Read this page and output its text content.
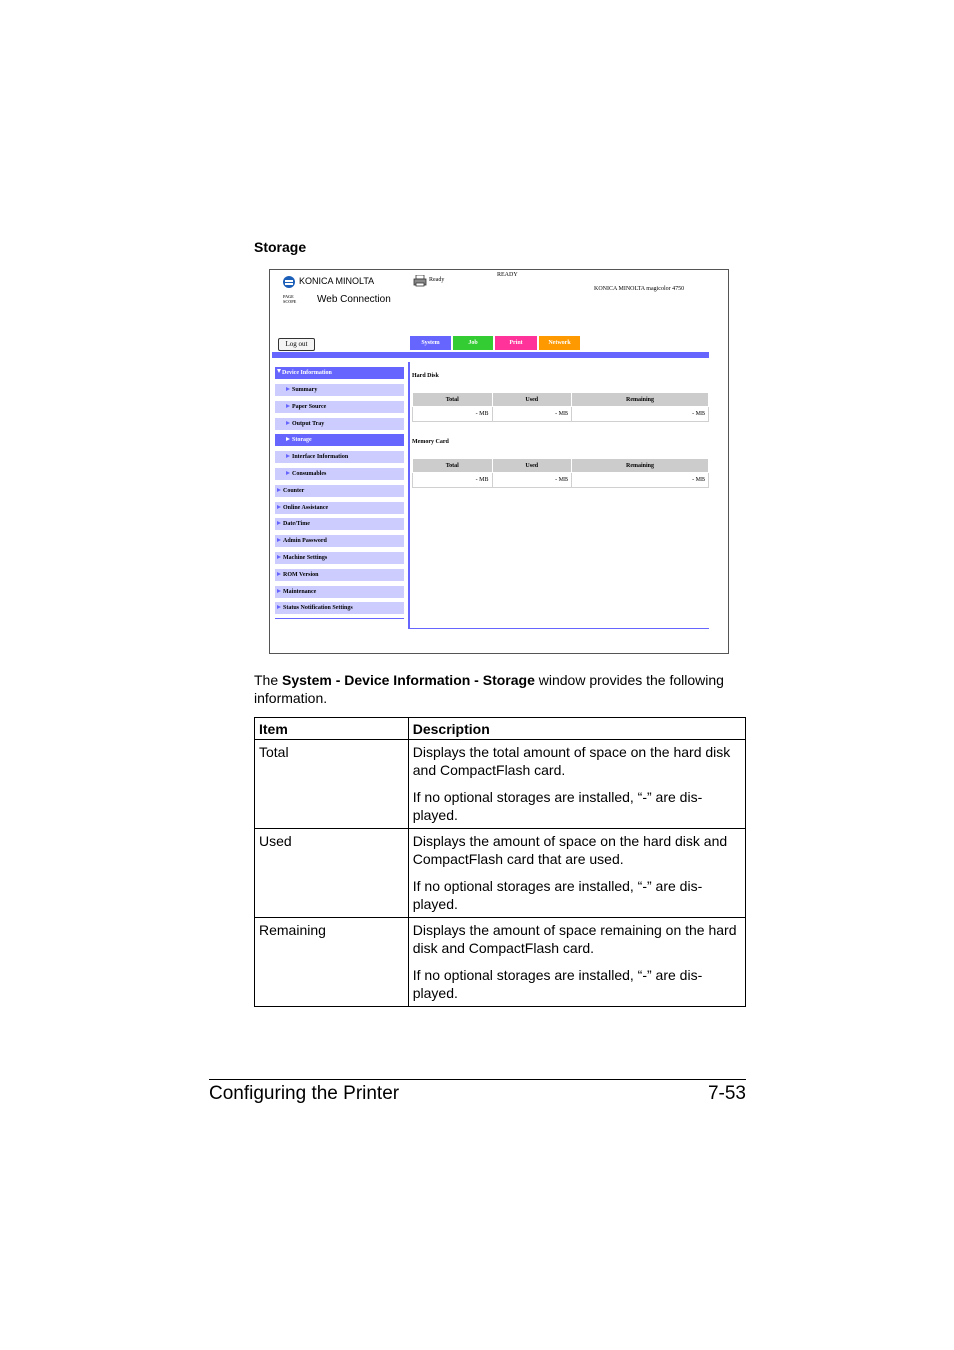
Storage
KONICA MINOLTA
PAGE SCOPE Web Connection
Ready
READY
KONICA MINOLTA magicolor 4750
Log out	System	Job	Print	Network
Device Information
Summary
Paper Source
Output Tray
Storage
Interface Information
Consumables
Counter
Online Assistance
Date/Time
Admin Password
Machine Settings
ROM Version
Maintenance
Status Notification Settings
Hard Disk
Total	Used	Remaining
- MB	- MB	- MB
Memory Card
Total	Used	Remaining
- MB	- MB	- MB
The System - Device Information - Storage window provides the following information.
Item	Description
Total	Displays the total amount of space on the hard disk and CompactFlash card.

If no optional storages are installed, “-” are dis-played.

Used	Displays the amount of space on the hard disk and CompactFlash card that are used.

If no optional storages are installed, “-” are dis-played.

Remaining	Displays the amount of space remaining on the hard disk and CompactFlash card.

If no optional storages are installed, “-” are dis-played.

Configuring the Printer	7-53
